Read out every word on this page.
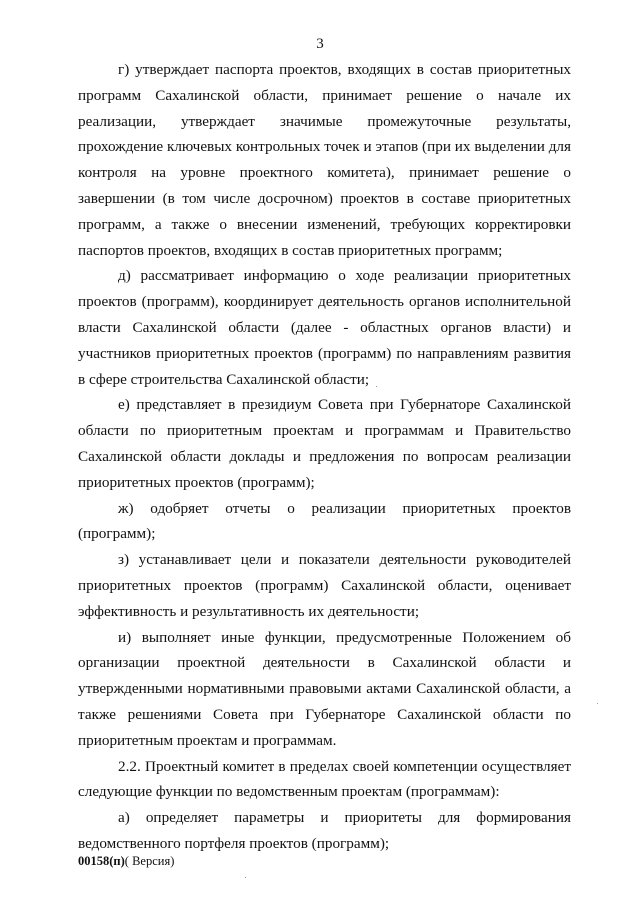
3

г) утверждает паспорта проектов, входящих в состав приоритетных программ Сахалинской области, принимает решение о начале их реализации, утверждает значимые промежуточные результаты, прохождение ключевых контрольных точек и этапов (при их выделении для контроля на уровне проектного комитета), принимает решение о завершении (в том числе досрочном) проектов в составе приоритетных программ, а также о внесении изменений, требующих корректировки паспортов проектов, входящих в состав приоритетных программ;

д) рассматривает информацию о ходе реализации приоритетных проектов (программ), координирует деятельность органов исполнительной власти Сахалинской области (далее - областных органов власти) и участников приоритетных проектов (программ) по направлениям развития в сфере строительства Сахалинской области;

е) представляет в президиум Совета при Губернаторе Сахалинской области по приоритетным проектам и программам и Правительство Сахалинской области доклады и предложения по вопросам реализации приоритетных проектов (программ);

ж) одобряет отчеты о реализации приоритетных проектов (программ);

з) устанавливает цели и показатели деятельности руководителей приоритетных проектов (программ) Сахалинской области, оценивает эффективность и результативность их деятельности;

и) выполняет иные функции, предусмотренные Положением об организации проектной деятельности в Сахалинской области и утвержденными нормативными правовыми актами Сахалинской области, а также решениями Совета при Губернаторе Сахалинской области по приоритетным проектам и программам.

2.2. Проектный комитет в пределах своей компетенции осуществляет следующие функции по ведомственным проектам (программам):

а) определяет параметры и приоритеты для формирования ведомственного портфеля проектов (программ);

00158(п)( Версия)
